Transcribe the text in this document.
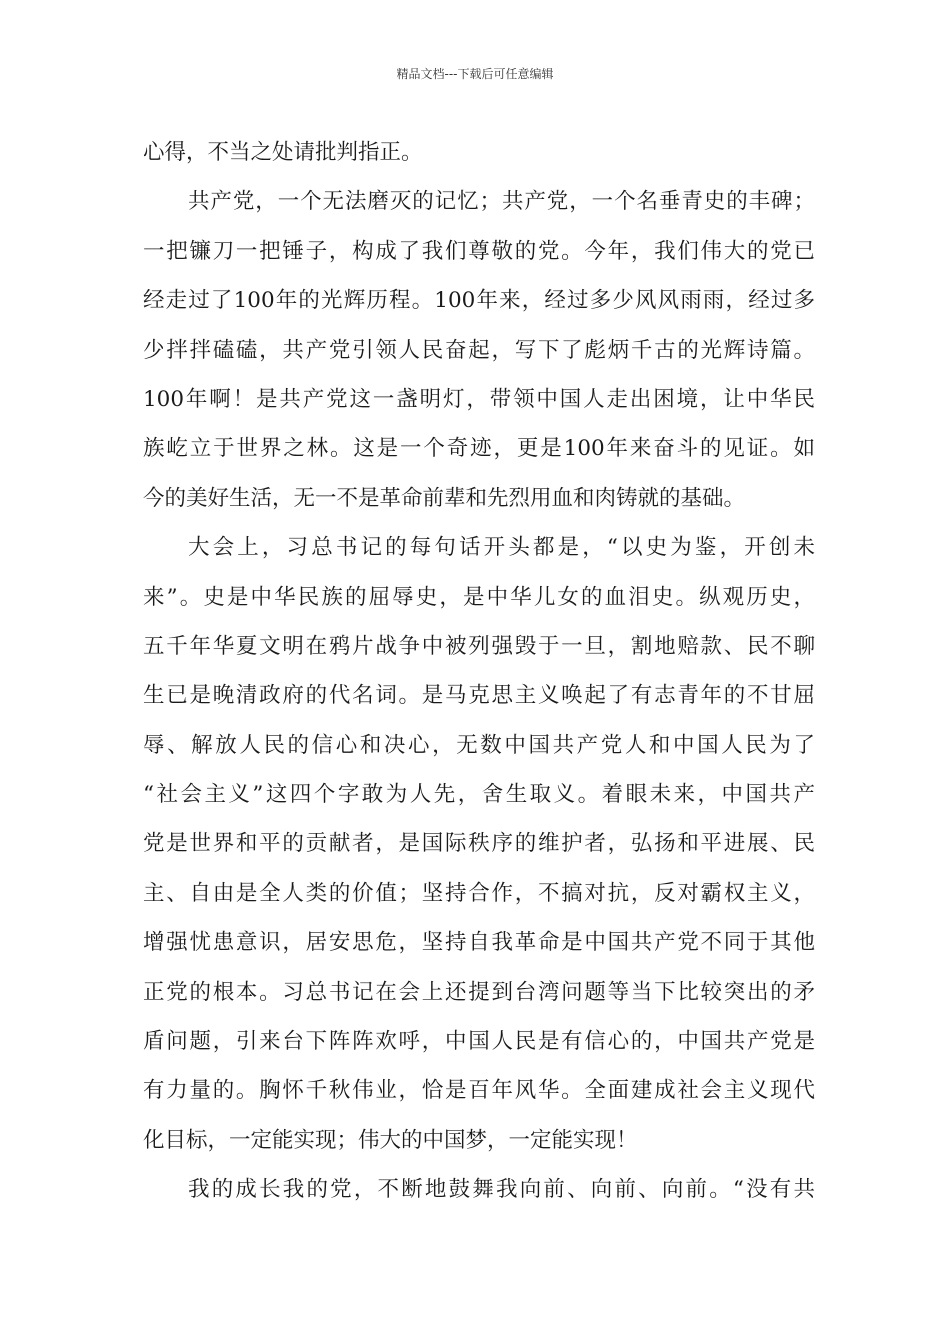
精品文档---下载后可任意编辑
心得，不当之处请批判指正。
共产党，一个无法磨灭的记忆；共产党，一个名垂青史的丰碑；
一把镰刀一把锤子，构成了我们尊敬的党。今年，我们伟大的党已
经走过了100年的光辉历程。100年来，经过多少风风雨雨，经过多
少拌拌磕磕，共产党引领人民奋起，写下了彪炳千古的光辉诗篇。
100年啊！是共产党这一盏明灯，带领中国人走出困境，让中华民
族屹立于世界之林。这是一个奇迹，更是100年来奋斗的见证。如
今的美好生活，无一不是革命前辈和先烈用血和肉铸就的基础。
大会上，习总书记的每句话开头都是，“以史为鉴，开创未
来”。史是中华民族的屈辱史，是中华儿女的血泪史。纵观历史，
五千年华夏文明在鸦片战争中被列强毁于一旦，割地赔款、民不聊
生已是晚清政府的代名词。是马克思主义唤起了有志青年的不甘屈
辱、解放人民的信心和决心，无数中国共产党人和中国人民为了
“社会主义”这四个字敢为人先，舍生取义。着眼未来，中国共产
党是世界和平的贡献者，是国际秩序的维护者，弘扬和平进展、民
主、自由是全人类的价值；坚持合作，不搞对抗，反对霸权主义，
增强忧患意识，居安思危，坚持自我革命是中国共产党不同于其他
正党的根本。习总书记在会上还提到台湾问题等当下比较突出的矛
盾问题，引来台下阵阵欢呼，中国人民是有信心的，中国共产党是
有力量的。胸怀千秋伟业，恰是百年风华。全面建成社会主义现代
化目标，一定能实现；伟大的中国梦，一定能实现！
我的成长我的党，不断地鼓舞我向前、向前、向前。“没有共
